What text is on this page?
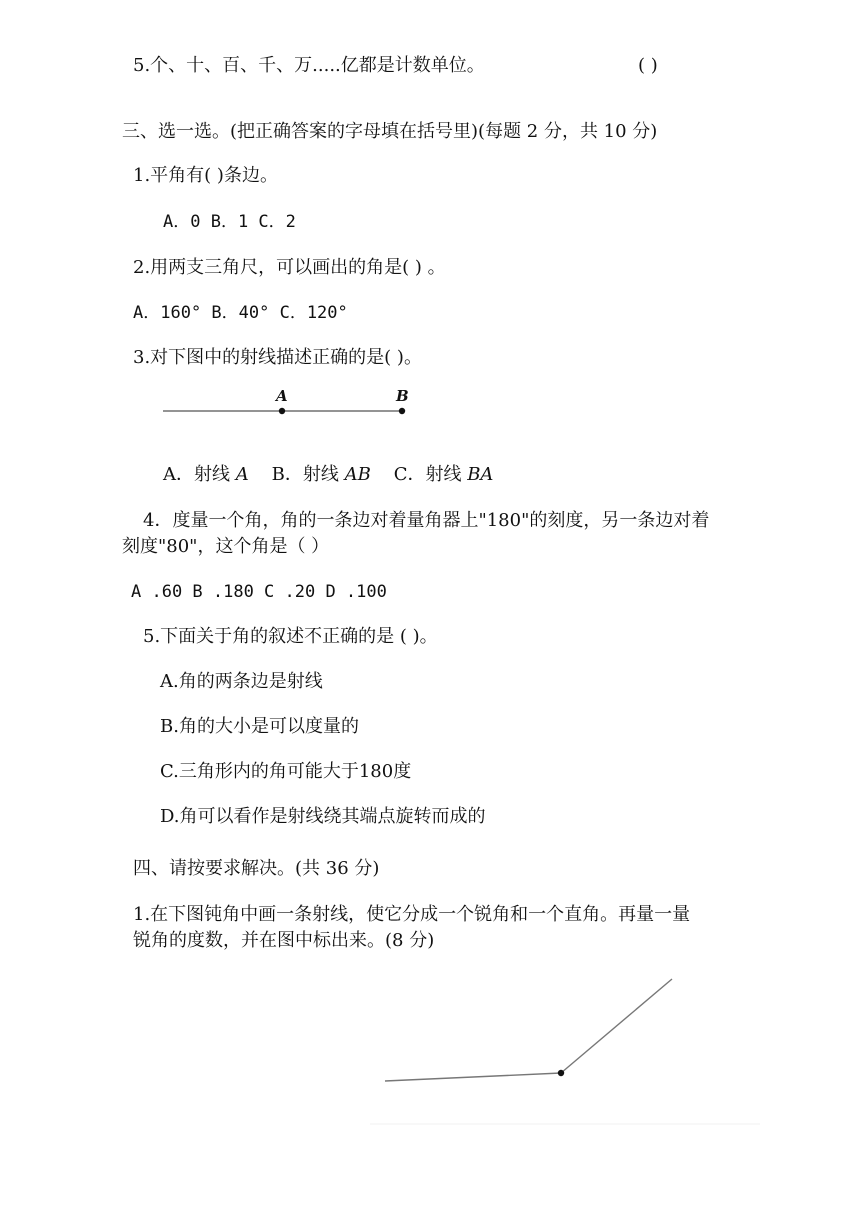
5.个、十、百、千、万.....亿都是计数单位。	( )
三、选一选。(把正确答案的字母填在括号里)(每题 2 分，共 10 分)
1.平角有( )条边。
A．0 B．1 C．2
2.用两支三角尺，可以画出的角是( ) 。
A．160° B．40° C．120°
3.对下图中的射线描述正确的是( )。
A	B
A．射线 A B．射线 AB C．射线 BA
4．度量一个角，角的一条边对着量角器上"180"的刻度，另一条边对着
刻度"80"，这个角是（ ）
A .60 B .180 C .20 D .100
5.下面关于角的叙述不正确的是 ( )。
A.角的两条边是射线
B.角的大小是可以度量的
C.三角形内的角可能大于180度
D.角可以看作是射线绕其端点旋转而成的
四、请按要求解决。(共 36 分)
1.在下图钝角中画一条射线，使它分成一个锐角和一个直角。再量一量
锐角的度数，并在图中标出来。(8 分)
